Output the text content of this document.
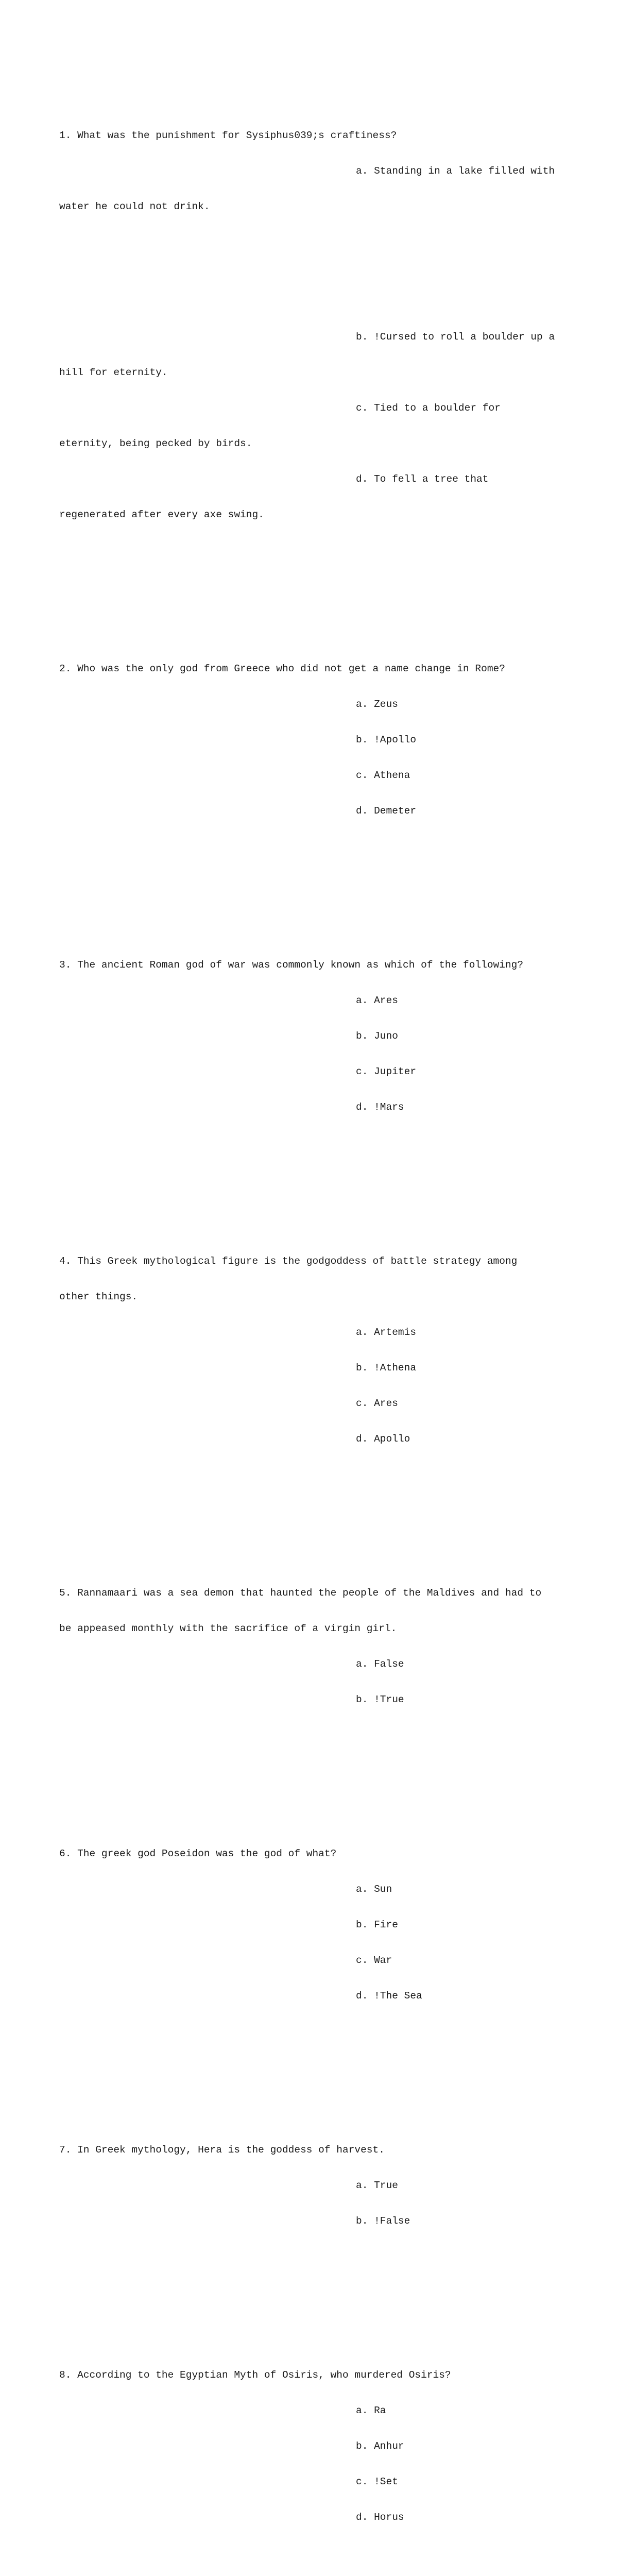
1. What was the punishment for Sysiphus039;s craftiness?

a. Standing in a lake filled with

water he could not drink.

b. !Cursed to roll a boulder up a

hill for eternity.

c. Tied to a boulder for

eternity, being pecked by birds.

d. To fell a tree that

regenerated after every axe swing.

2. Who was the only god from Greece who did not get a name change in Rome?

a. Zeus

b. !Apollo

c. Athena

d. Demeter

3. The ancient Roman god of war was commonly known as which of the following?

a. Ares

b. Juno

c. Jupiter

d. !Mars

4. This Greek mythological figure is the godgoddess of battle strategy among

other things.

a. Artemis

b. !Athena

c. Ares

d. Apollo

5. Rannamaari was a sea demon that haunted the people of the Maldives and had to

be appeased monthly with the sacrifice of a virgin girl.

a. False

b. !True

6. The greek god Poseidon was the god of what?

a. Sun

b. Fire

c. War

d. !The Sea

7. In Greek mythology, Hera is the goddess of harvest.

a. True

b. !False

8. According to the Egyptian Myth of Osiris, who murdered Osiris?

a. Ra

b. Anhur

c. !Set

d. Horus
